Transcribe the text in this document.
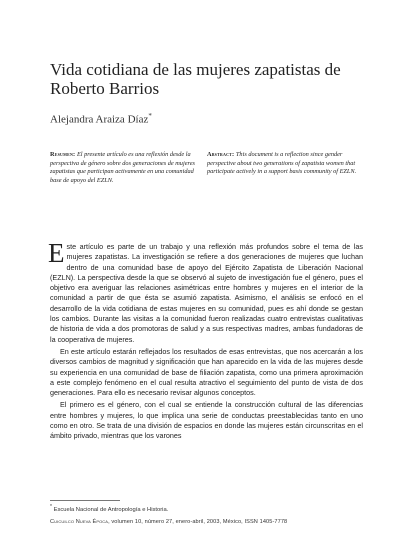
Vida cotidiana de las mujeres zapatistas de Roberto Barrios
Alejandra Araiza Díaz*
Resumen: El presente artículo es una reflexión desde la perspectiva de género sobre dos generaciones de mujeres zapatistas que participan activamente en una comunidad base de apoyo del EZLN.
Abstract: This document is a reflection since gender perspective about two generations of zapatista women that participate actively in a support basis community of EZLN.

Este artículo es parte de un trabajo y una reflexión más profundos sobre el tema de las mujeres zapatistas. La investigación se refiere a dos generaciones de mujeres que luchan dentro de una comunidad base de apoyo del Ejército Zapatista de Liberación Nacional (EZLN). La perspectiva desde la que se observó al sujeto de investigación fue el género, pues el objetivo era averiguar las relaciones asimétricas entre hombres y mujeres en el interior de la comunidad a partir de que ésta se asumió zapatista. Asimismo, el análisis se enfocó en el desarrollo de la vida cotidiana de estas mujeres en su comunidad, pues es ahí donde se gestan los cambios. Durante las visitas a la comunidad fueron realizadas cuatro entrevistas cualitativas de historia de vida a dos promotoras de salud y a sus respectivas madres, ambas fundadoras de la cooperativa de mujeres.

En este artículo estarán reflejados los resultados de esas entrevistas, que nos acercarán a los diversos cambios de magnitud y significación que han aparecido en la vida de las mujeres desde su experiencia en una comunidad de base de filiación zapatista, como una primera aproximación a este complejo fenómeno en el cual resulta atractivo el seguimiento del punto de vista de dos generaciones. Para ello es necesario revisar algunos conceptos.

El primero es el género, con el cual se entiende la construcción cultural de las diferencias entre hombres y mujeres, lo que implica una serie de conductas preestablecidas tanto en uno como en otro. Se trata de una división de espacios en donde las mujeres están circunscritas en el ámbito privado, mientras que los varones

* Escuela Nacional de Antropología e Historia.
Cuicuilco Nueva Época, volumen 10, número 27, enero-abril, 2003, México, ISSN 1405-7778
